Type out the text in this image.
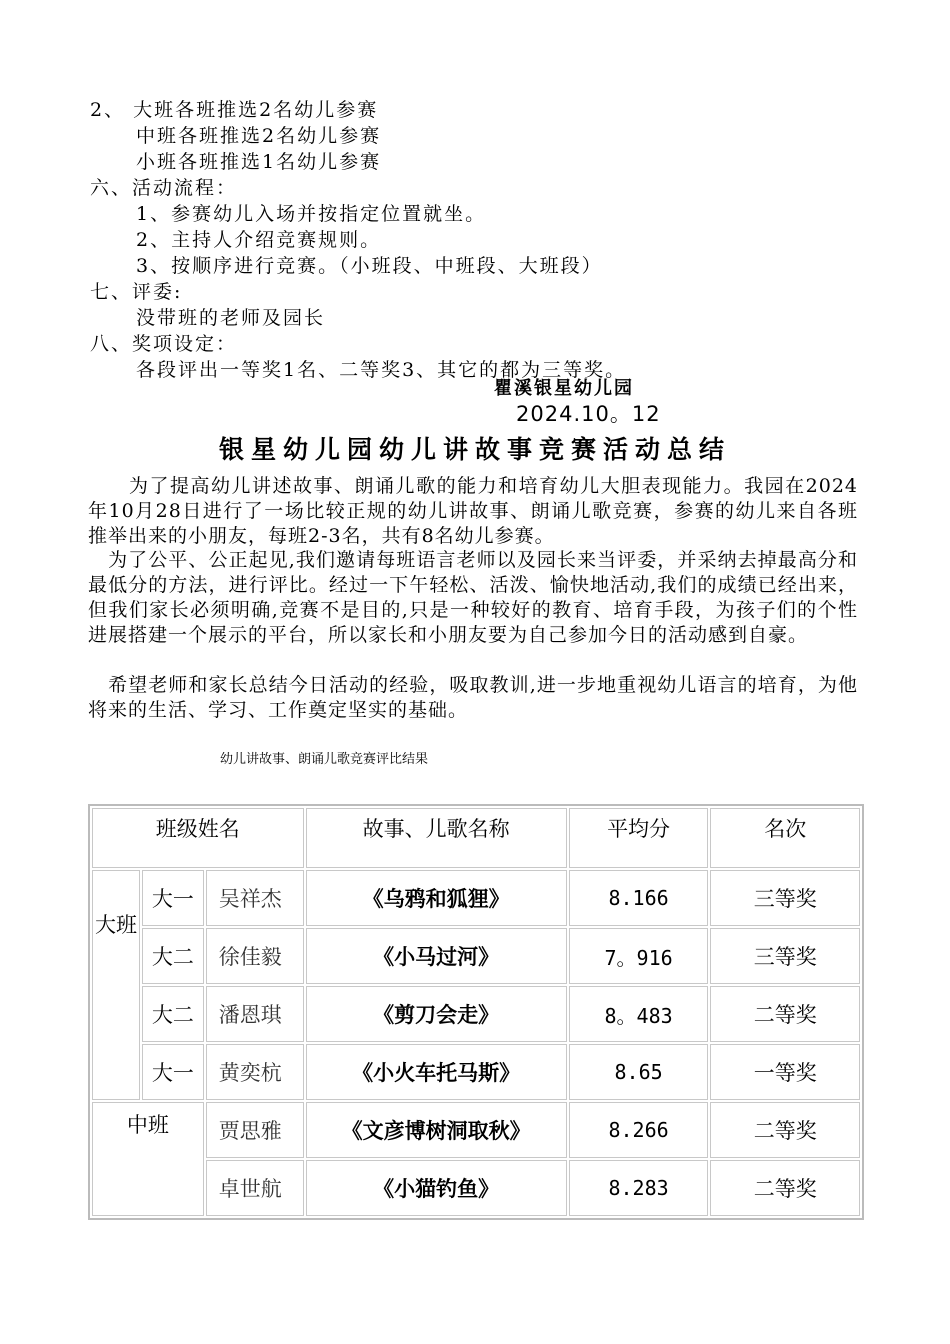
2、 大班各班推选2名幼儿参赛
中班各班推选2名幼儿参赛
小班各班推选1名幼儿参赛
六、活动流程：
1、参赛幼儿入场并按指定位置就坐。
2、主持人介绍竞赛规则。
3、按顺序进行竞赛。（小班段、中班段、大班段）
七、评委:
没带班的老师及园长
八、奖项设定：
各段评出一等奖1名、二等奖3、其它的都为三等奖。
瞿溪银星幼儿园
2024.10。12
银星幼儿园幼儿讲故事竞赛活动总结
　　为了提高幼儿讲述故事、朗诵儿歌的能力和培育幼儿大胆表现能力。我园在2024年10月28日进行了一场比较正规的幼儿讲故事、朗诵儿歌竞赛，参赛的幼儿来自各班推举出来的小朋友，每班2-3名，共有8名幼儿参赛。
　为了公平、公正起见,我们邀请每班语言老师以及园长来当评委，并采纳去掉最高分和最低分的方法，进行评比。经过一下午轻松、活泼、愉快地活动,我们的成绩已经出来，但我们家长必须明确,竞赛不是目的,只是一种较好的教育、培育手段，为孩子们的个性进展搭建一个展示的平台，所以家长和小朋友要为自己参加今日的活动感到自豪。
　希望老师和家长总结今日活动的经验，吸取教训,进一步地重视幼儿语言的培育，为他将来的生活、学习、工作奠定坚实的基础。
幼儿讲故事、朗诵儿歌竞赛评比结果
班级姓名			故事、儿歌名称	平均分	名次
大班	大一	吴祥杰	《乌鸦和狐狸》	8.166	三等奖
	大二	徐佳毅	《小马过河》	7。916	三等奖
	大二	潘恩琪	《剪刀会走》	8。483	二等奖
	大一	黄奕杭	《小火车托马斯》	8.65	一等奖
中班		贾思雅	《文彦博树洞取秋》	8.266	二等奖
		卓世航	《小猫钓鱼》	8.283	二等奖
